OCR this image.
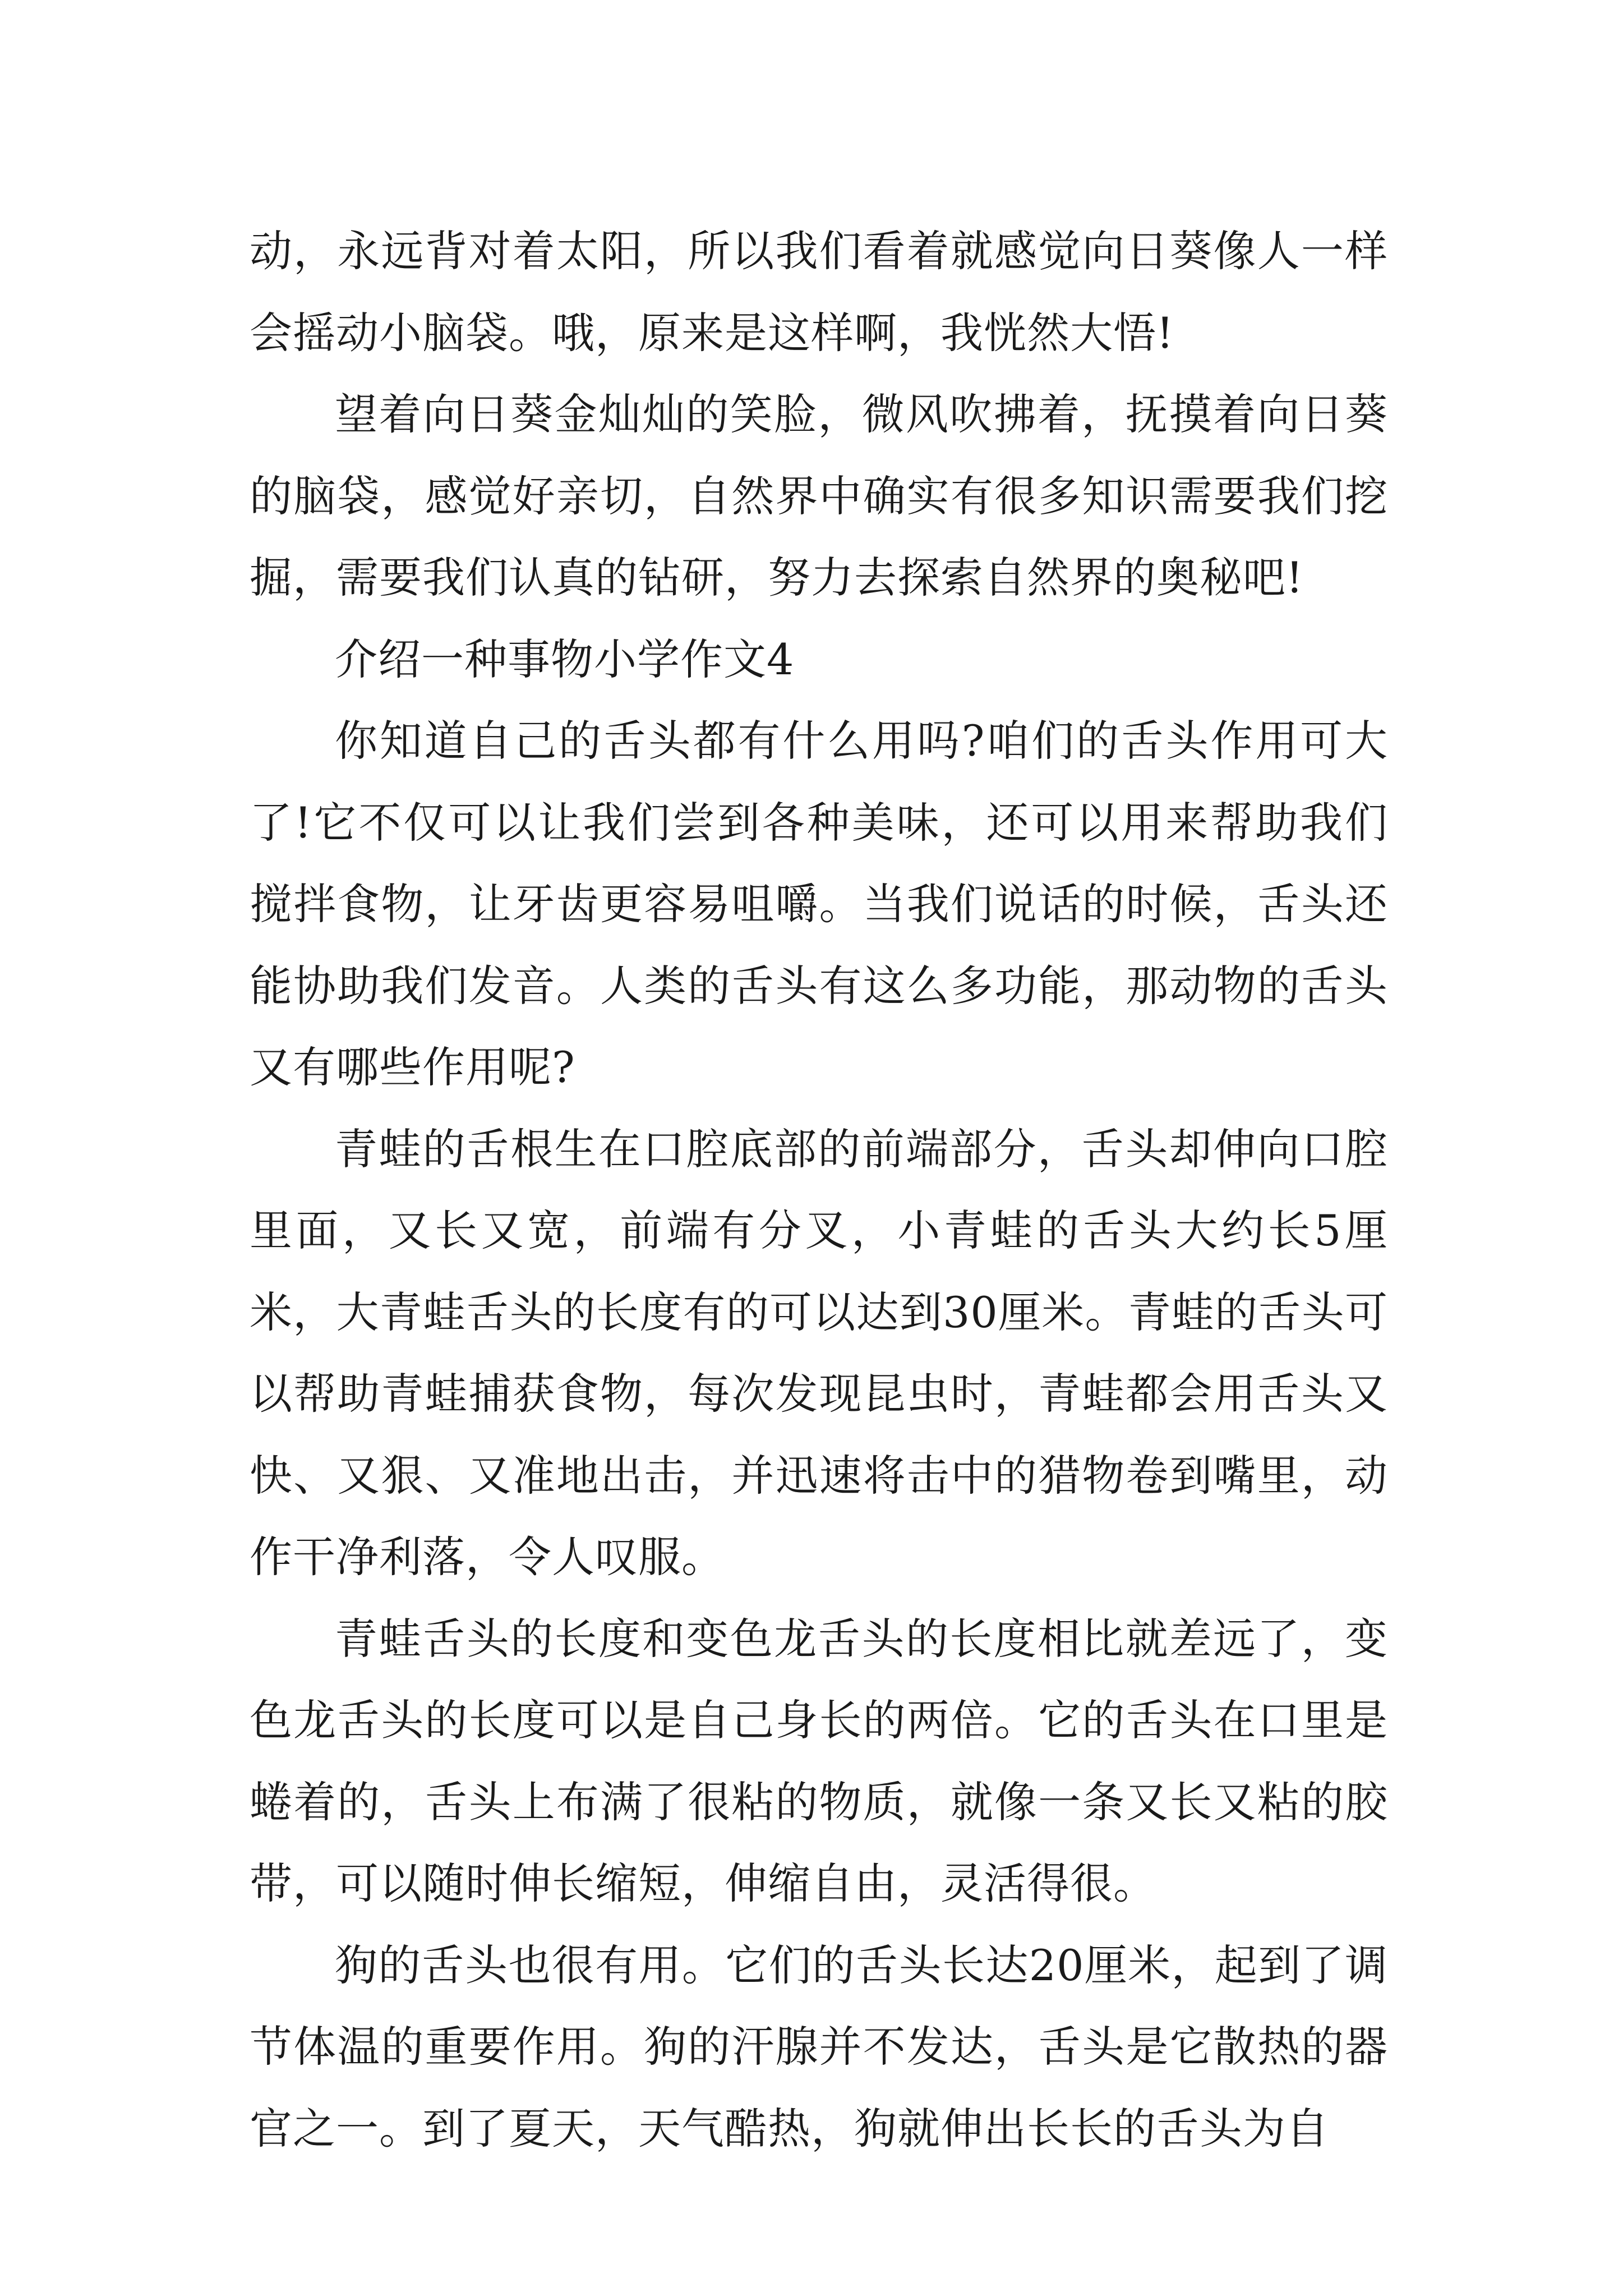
动，永远背对着太阳，所以我们看着就感觉向日葵像人一样会摇动小脑袋。哦，原来是这样啊，我恍然大悟!

望着向日葵金灿灿的笑脸，微风吹拂着，抚摸着向日葵的脑袋，感觉好亲切，自然界中确实有很多知识需要我们挖掘，需要我们认真的钻研，努力去探索自然界的奥秘吧!

介绍一种事物小学作文4

你知道自己的舌头都有什么用吗?咱们的舌头作用可大了!它不仅可以让我们尝到各种美味，还可以用来帮助我们搅拌食物，让牙齿更容易咀嚼。当我们说话的时候，舌头还能协助我们发音。人类的舌头有这么多功能，那动物的舌头又有哪些作用呢?

青蛙的舌根生在口腔底部的前端部分，舌头却伸向口腔里面，又长又宽，前端有分叉，小青蛙的舌头大约长5厘米，大青蛙舌头的长度有的可以达到30厘米。青蛙的舌头可以帮助青蛙捕获食物，每次发现昆虫时，青蛙都会用舌头又快、又狠、又准地出击，并迅速将击中的猎物卷到嘴里，动作干净利落，令人叹服。

青蛙舌头的长度和变色龙舌头的长度相比就差远了，变色龙舌头的长度可以是自己身长的两倍。它的舌头在口里是蜷着的，舌头上布满了很粘的物质，就像一条又长又粘的胶带，可以随时伸长缩短，伸缩自由，灵活得很。

狗的舌头也很有用。它们的舌头长达20厘米，起到了调节体温的重要作用。狗的汗腺并不发达，舌头是它散热的器官之一。到了夏天，天气酷热，狗就伸出长长的舌头为自
